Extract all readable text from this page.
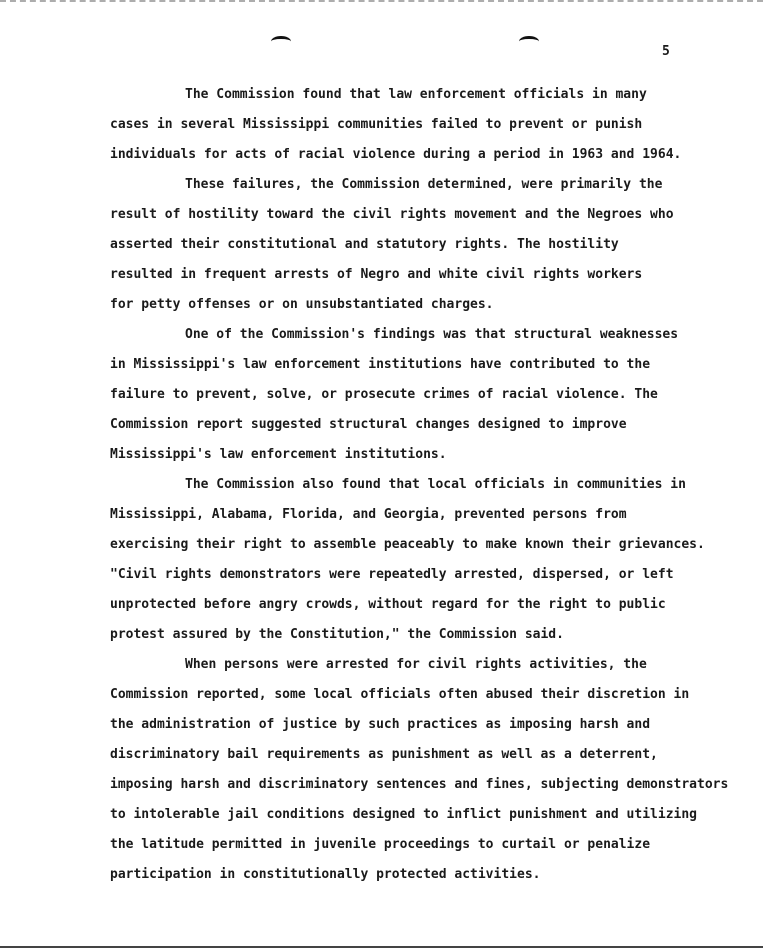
5
The Commission found that law enforcement officials in many
cases in several Mississippi communities failed to prevent or punish
individuals for acts of racial violence during a period in 1963 and 1964.
These failures, the Commission determined, were primarily the
result of hostility toward the civil rights movement and the Negroes who
asserted their constitutional and statutory rights. The hostility
resulted in frequent arrests of Negro and white civil rights workers
for petty offenses or on unsubstantiated charges.
One of the Commission's findings was that structural weaknesses
in Mississippi's law enforcement institutions have contributed to the
failure to prevent, solve, or prosecute crimes of racial violence. The
Commission report suggested structural changes designed to improve
Mississippi's law enforcement institutions.
The Commission also found that local officials in communities in
Mississippi, Alabama, Florida, and Georgia, prevented persons from
exercising their right to assemble peaceably to make known their grievances.
"Civil rights demonstrators were repeatedly arrested, dispersed, or left
unprotected before angry crowds, without regard for the right to public
protest assured by the Constitution," the Commission said.
When persons were arrested for civil rights activities, the
Commission reported, some local officials often abused their discretion in
the administration of justice by such practices as imposing harsh and
discriminatory bail requirements as punishment as well as a deterrent,
imposing harsh and discriminatory sentences and fines, subjecting demonstrators
to intolerable jail conditions designed to inflict punishment and utilizing
the latitude permitted in juvenile proceedings to curtail or penalize
participation in constitutionally protected activities.
